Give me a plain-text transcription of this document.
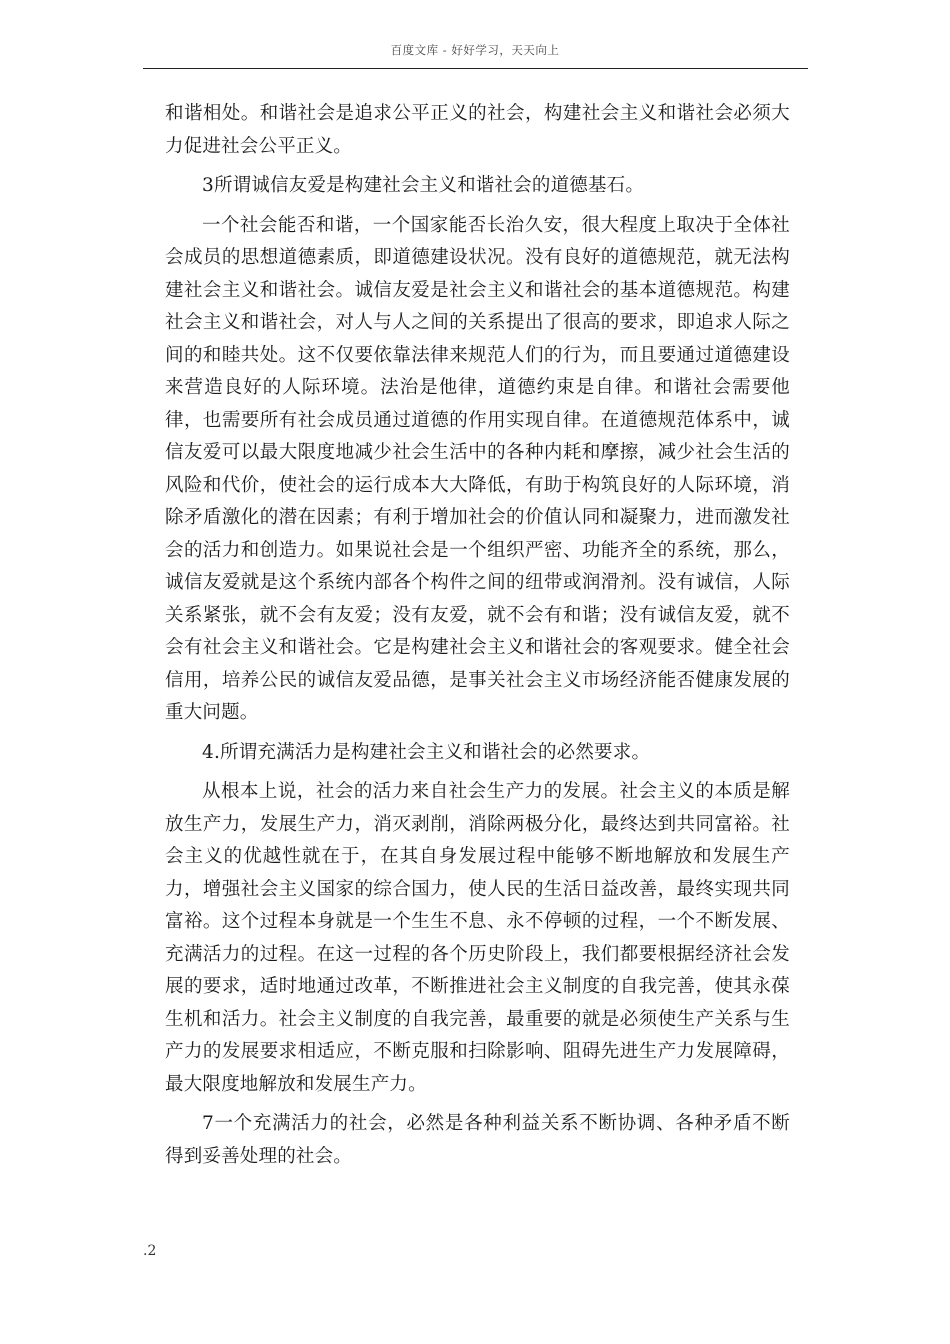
百度文库 - 好好学习，天天向上

和谐相处。和谐社会是追求公平正义的社会，构建社会主义和谐社会必须大力促进社会公平正义。

3所谓诚信友爱是构建社会主义和谐社会的道德基石。

一个社会能否和谐，一个国家能否长治久安，很大程度上取决于全体社会成员的思想道德素质，即道德建设状况。没有良好的道德规范，就无法构建社会主义和谐社会。诚信友爱是社会主义和谐社会的基本道德规范。构建社会主义和谐社会，对人与人之间的关系提出了很高的要求，即追求人际之间的和睦共处。这不仅要依靠法律来规范人们的行为，而且要通过道德建设来营造良好的人际环境。法治是他律，道德约束是自律。和谐社会需要他律，也需要所有社会成员通过道德的作用实现自律。在道德规范体系中，诚信友爱可以最大限度地减少社会生活中的各种内耗和摩擦，减少社会生活的风险和代价，使社会的运行成本大大降低，有助于构筑良好的人际环境，消除矛盾激化的潜在因素；有利于增加社会的价值认同和凝聚力，进而激发社会的活力和创造力。如果说社会是一个组织严密、功能齐全的系统，那么，诚信友爱就是这个系统内部各个构件之间的纽带或润滑剂。没有诚信，人际关系紧张，就不会有友爱；没有友爱，就不会有和谐；没有诚信友爱，就不会有社会主义和谐社会。它是构建社会主义和谐社会的客观要求。健全社会信用，培养公民的诚信友爱品德，是事关社会主义市场经济能否健康发展的重大问题。

4.所谓充满活力是构建社会主义和谐社会的必然要求。

从根本上说，社会的活力来自社会生产力的发展。社会主义的本质是解放生产力，发展生产力，消灭剥削，消除两极分化，最终达到共同富裕。社会主义的优越性就在于，在其自身发展过程中能够不断地解放和发展生产力，增强社会主义国家的综合国力，使人民的生活日益改善，最终实现共同富裕。这个过程本身就是一个生生不息、永不停顿的过程，一个不断发展、充满活力的过程。在这一过程的各个历史阶段上，我们都要根据经济社会发展的要求，适时地通过改革，不断推进社会主义制度的自我完善，使其永葆生机和活力。社会主义制度的自我完善，最重要的就是必须使生产关系与生产力的发展要求相适应，不断克服和扫除影响、阻碍先进生产力发展障碍，最大限度地解放和发展生产力。

7一个充满活力的社会，必然是各种利益关系不断协调、各种矛盾不断得到妥善处理的社会。

.2
